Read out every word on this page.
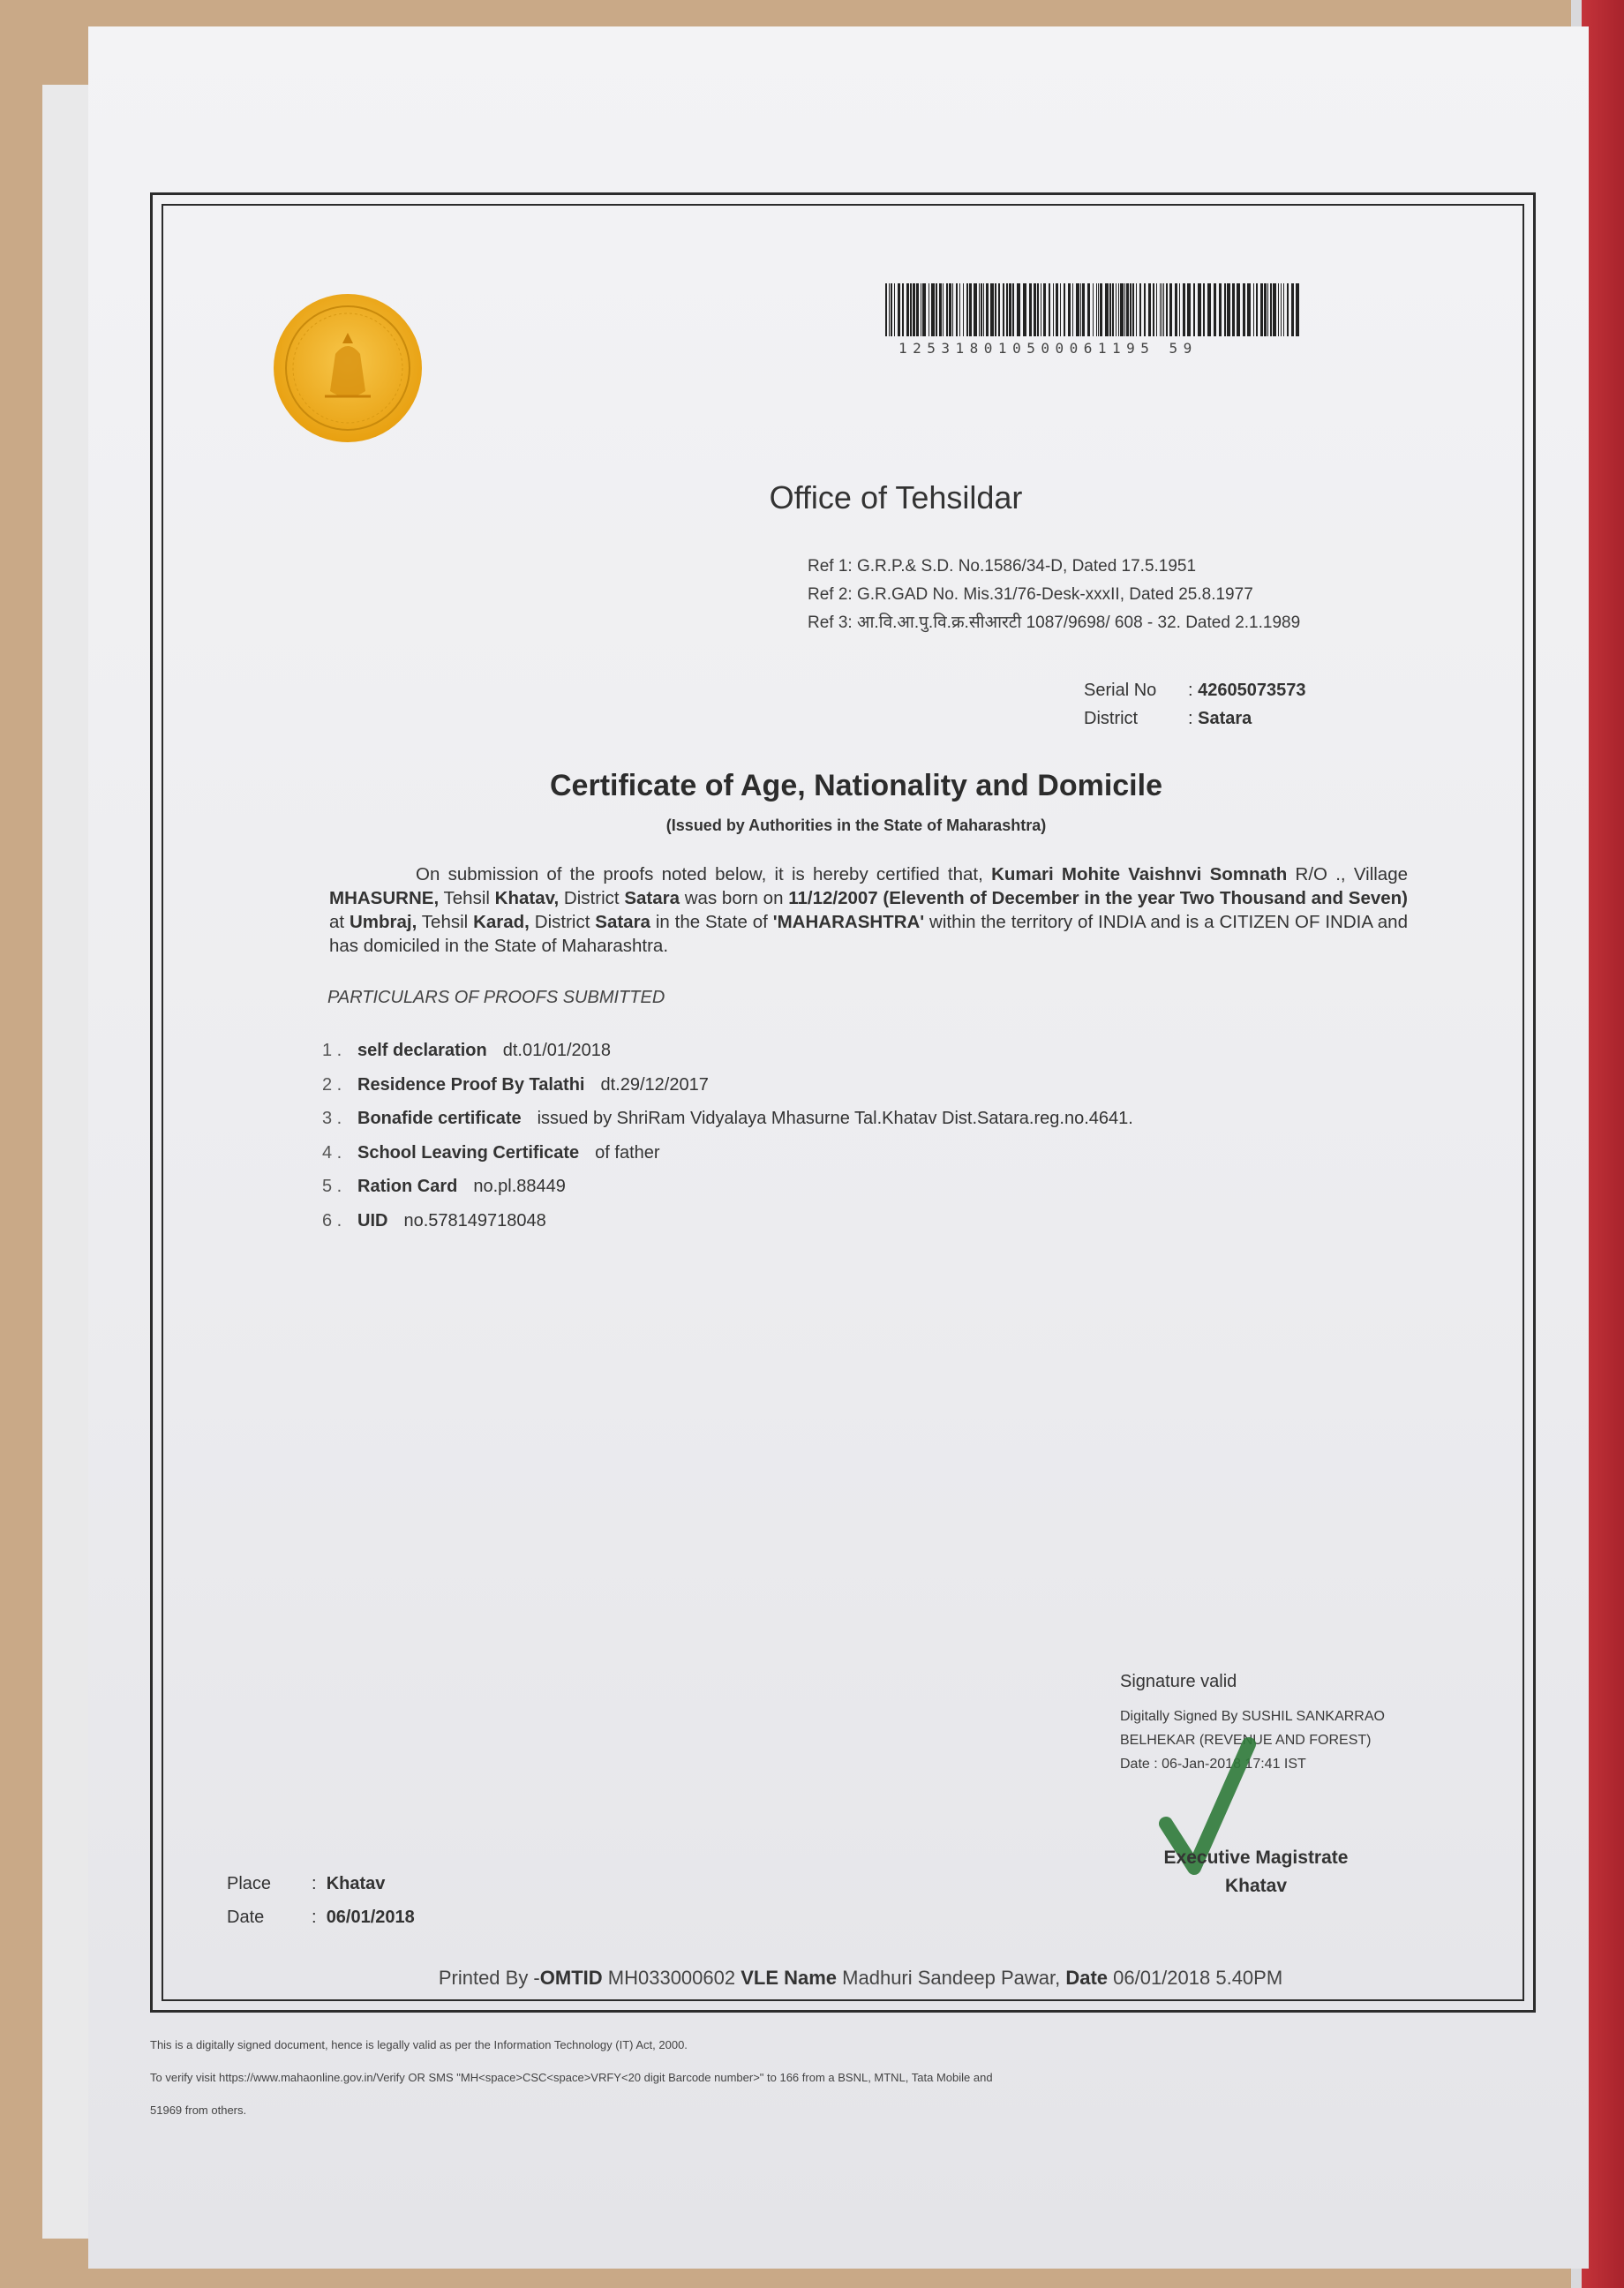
125318010500061195 59
Office of Tehsildar
Ref 1: G.R.P.& S.D. No.1586/34-D, Dated 17.5.1951
Ref 2: G.R.GAD No. Mis.31/76-Desk-xxxII, Dated 25.8.1977
Ref 3: आ.वि.आ.पु.वि.क्र.सीआरटी 1087/9698/ 608 - 32. Dated 2.1.1989
Serial No : 42605073573
District	: Satara
Certificate of Age, Nationality and Domicile
(Issued by Authorities in the State of Maharashtra)
On submission of the proofs noted below, it is hereby certified that, Kumari Mohite Vaishnvi Somnath R/O ., Village MHASURNE, Tehsil Khatav, District Satara was born on 11/12/2007 (Eleventh of December in the year Two Thousand and Seven) at Umbraj, Tehsil Karad, District Satara in the State of 'MAHARASHTRA' within the territory of INDIA and is a CITIZEN OF INDIA and has domiciled in the State of Maharashtra.
PARTICULARS OF PROOFS SUBMITTED
1 . self declaration dt.01/01/2018
2 . Residence Proof By Talathi dt.29/12/2017
3 . Bonafide certificate issued by ShriRam Vidyalaya Mhasurne Tal.Khatav Dist.Satara.reg.no.4641.
4 . School Leaving Certificate of father
5 . Ration Card no.pl.88449
6 . UID no.578149718048
Signature valid
Digitally Signed By SUSHIL SANKARRAO
BELHEKAR (REVENUE AND FOREST)
Date : 06-Jan-2018 17:41 IST
Executive Magistrate
Khatav
Place : Khatav
Date	: 06/01/2018
Printed By -OMTID MH033000602 VLE Name Madhuri Sandeep Pawar, Date 06/01/2018 5.40PM
This is a digitally signed document, hence is legally valid as per the Information Technology (IT) Act, 2000.
To verify visit https://www.mahaonline.gov.in/Verify OR SMS "MH<space>CSC<space>VRFY<20 digit Barcode number>" to 166 from a BSNL, MTNL, Tata Mobile and
51969 from others.
